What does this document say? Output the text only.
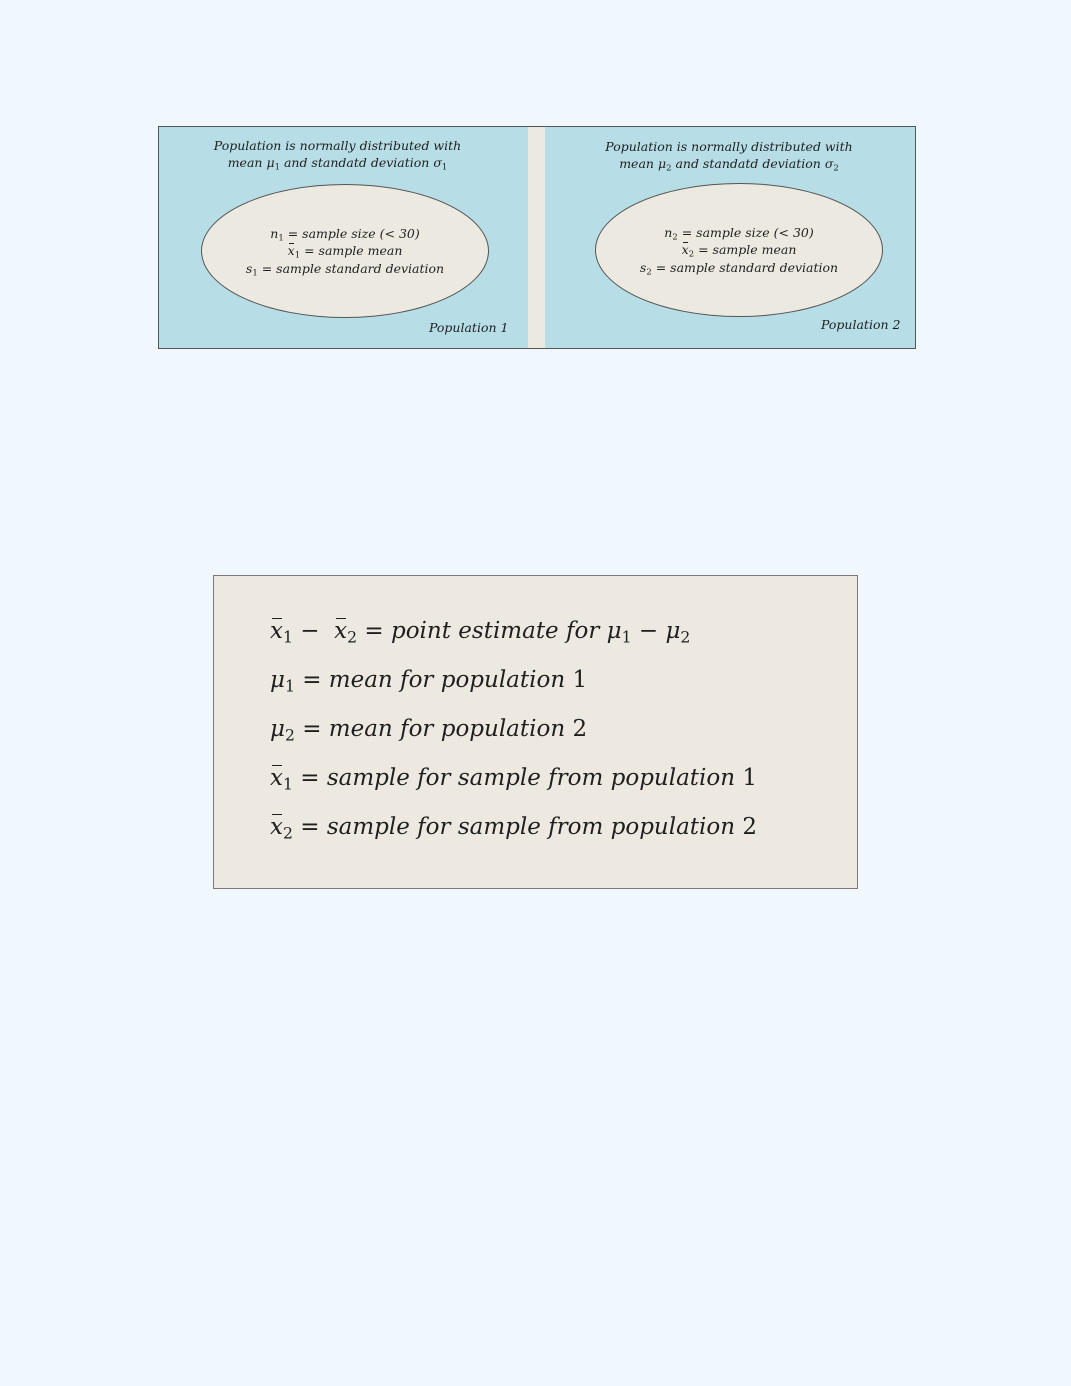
Population is normally distributed with
mean $\mu_1$ and standatd deviation $\sigma_1$
$n_1$ = sample size (< 30)
$x_1$ = sample mean
$s_1$ = sample standard deviation
Population 1
Population is normally distributed with
mean $\mu_2$ and standatd deviation $\sigma_2$
$n_2$ = sample size (< 30)
$x_2$ = sample mean
$s_2$ = sample standard deviation
Population 2
$x_1 - x_2$ = point estimate for $\mu_1 - \mu_2$
$\mu_1$ = mean for population 1
$\mu_2$ = mean for population 2
$x_1$ = sample for sample from population 1
$x_2$ = sample for sample from population 2
